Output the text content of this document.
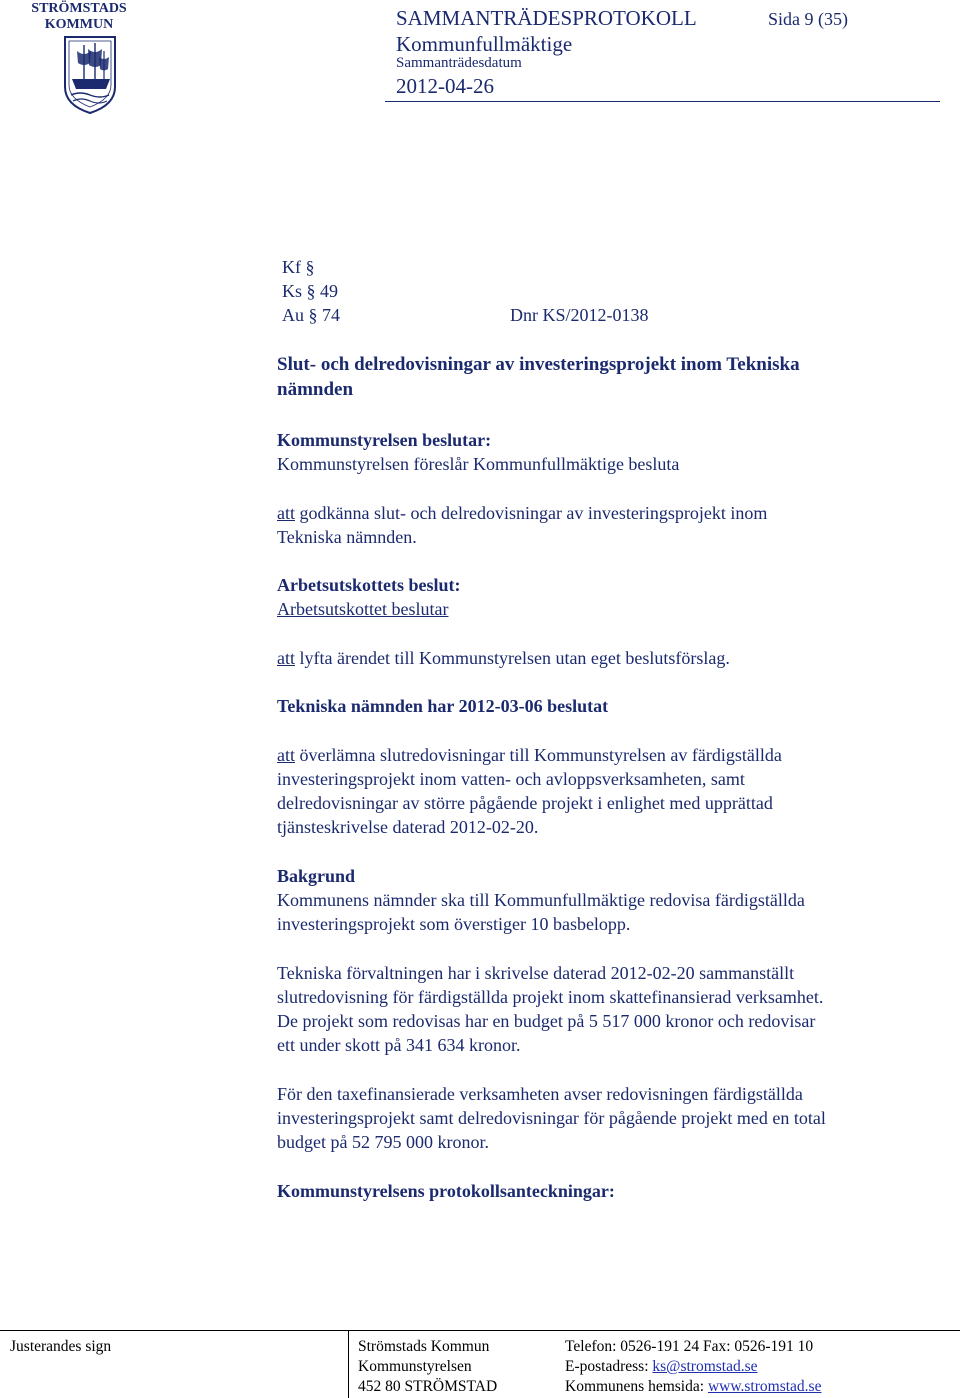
STRÖMSTADS
KOMMUN	SAMMANTRÄDESPROTOKOLL	Sida 9 (35)
Kommunfullmäktige
Sammanträdesdatum
2012-04-26
Kf §
Ks § 49
Au § 74	Dnr KS/2012-0138
Slut- och delredovisningar av investeringsprojekt inom Tekniska
nämnden
Kommunstyrelsen beslutar:
Kommunstyrelsen föreslår Kommunfullmäktige besluta
att godkänna slut- och delredovisningar av investeringsprojekt inom
Tekniska nämnden.
Arbetsutskottets beslut:
Arbetsutskottet beslutar
att lyfta ärendet till Kommunstyrelsen utan eget beslutsförslag.
Tekniska nämnden har 2012-03-06 beslutat
att överlämna slutredovisningar till Kommunstyrelsen av färdigställda
investeringsprojekt inom vatten- och avloppsverksamheten, samt
delredovisningar av större pågående projekt i enlighet med upprättad
tjänsteskrivelse daterad 2012-02-20.
Bakgrund
Kommunens nämnder ska till Kommunfullmäktige redovisa färdigställda
investeringsprojekt som överstiger 10 basbelopp.
Tekniska förvaltningen har i skrivelse daterad 2012-02-20 sammanställt
slutredovisning för färdigställda projekt inom skattefinansierad verksamhet.
De projekt som redovisas har en budget på 5 517 000 kronor och redovisar
ett under skott på 341 634 kronor.
För den taxefinansierade verksamheten avser redovisningen färdigställda
investeringsprojekt samt delredovisningar för pågående projekt med en total
budget på 52 795 000 kronor.
Kommunstyrelsens protokollsanteckningar:
Justerandes sign	Strömstads Kommun
Kommunstyrelsen
452 80 STRÖMSTAD
Telefon: 0526-191 24 Fax: 0526-191 10
E-postadress: ks@stromstad.se
Kommunens hemsida: www.stromstad.se
